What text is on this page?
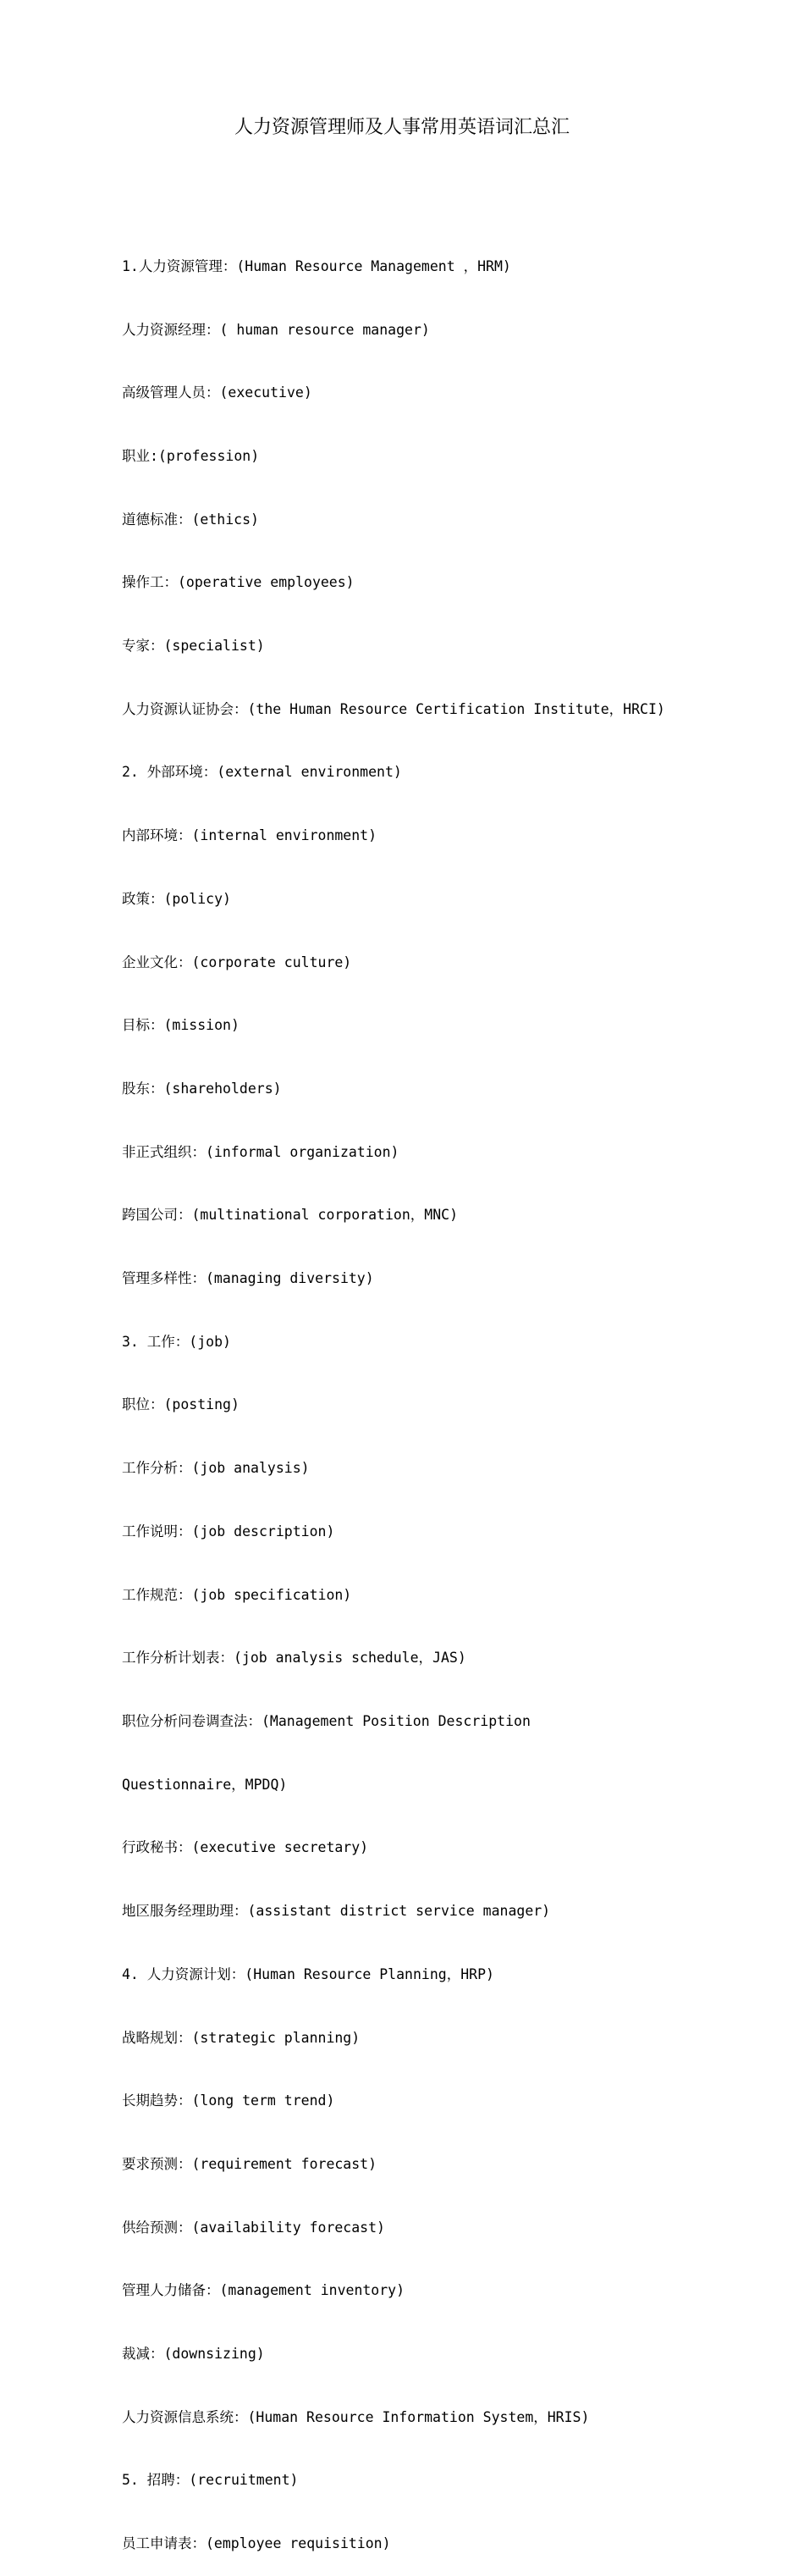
人力资源管理师及人事常用英语词汇总汇

1.人力资源管理：(Human Resource Management ，HRM)

人力资源经理：( human resource manager)

高级管理人员：(executive)

职业:(profession)

道德标准：(ethics)

操作工：(operative employees)

专家：(specialist)

人力资源认证协会：(the Human Resource Certification Institute，HRCI)

2. 外部环境：(external environment)

内部环境：(internal environment)

政策：(policy)

企业文化：(corporate culture)

目标：(mission)

股东：(shareholders)

非正式组织：(informal organization)

跨国公司：(multinational corporation，MNC)

管理多样性：(managing diversity)

3. 工作：(job)

职位：(posting)

工作分析：(job analysis)

工作说明：(job description)

工作规范：(job specification)

工作分析计划表：(job analysis schedule，JAS)

职位分析问卷调查法：(Management Position Description

Questionnaire，MPDQ)

行政秘书：(executive secretary)

地区服务经理助理：(assistant district service manager)

4. 人力资源计划：(Human Resource Planning，HRP)

战略规划：(strategic planning)

长期趋势：(long term trend)

要求预测：(requirement forecast)

供给预测：(availability forecast)

管理人力储备：(management inventory)

裁减：(downsizing)

人力资源信息系统：(Human Resource Information System，HRIS)

5. 招聘：(recruitment)

员工申请表：(employee requisition)
